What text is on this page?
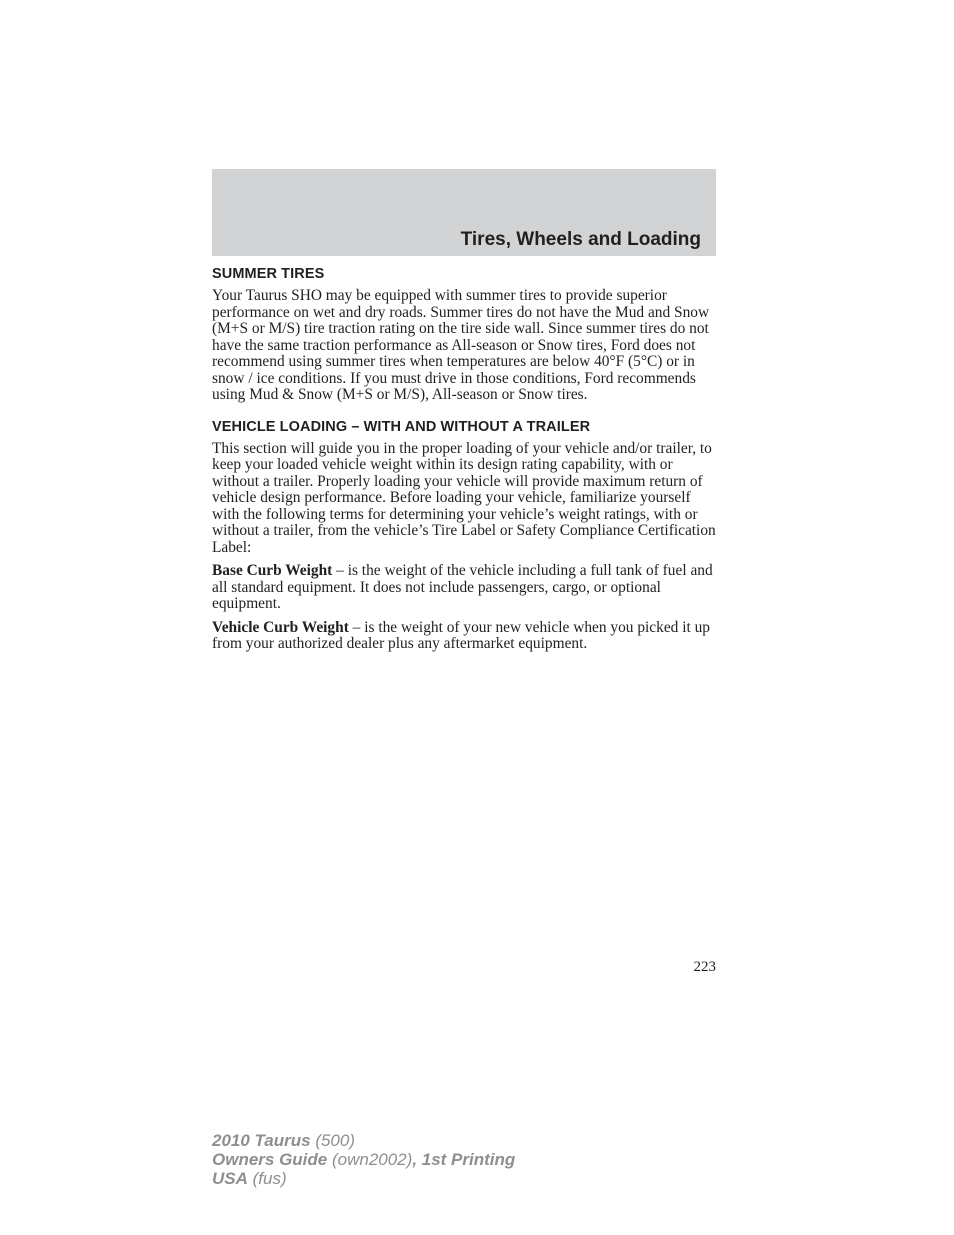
Tires, Wheels and Loading
SUMMER TIRES

Your Taurus SHO may be equipped with summer tires to provide superior performance on wet and dry roads. Summer tires do not have the Mud and Snow (M+S or M/S) tire traction rating on the tire side wall. Since summer tires do not have the same traction performance as All-season or Snow tires, Ford does not recommend using summer tires when temperatures are below 40°F (5°C) or in snow / ice conditions. If you must drive in those conditions, Ford recommends using Mud & Snow (M+S or M/S), All-season or Snow tires.

VEHICLE LOADING – WITH AND WITHOUT A TRAILER

This section will guide you in the proper loading of your vehicle and/or trailer, to keep your loaded vehicle weight within its design rating capability, with or without a trailer. Properly loading your vehicle will provide maximum return of vehicle design performance. Before loading your vehicle, familiarize yourself with the following terms for determining your vehicle’s weight ratings, with or without a trailer, from the vehicle’s Tire Label or Safety Compliance Certification Label:

Base Curb Weight – is the weight of the vehicle including a full tank of fuel and all standard equipment. It does not include passengers, cargo, or optional equipment.

Vehicle Curb Weight – is the weight of your new vehicle when you picked it up from your authorized dealer plus any aftermarket equipment.

223
2010 Taurus (500)
Owners Guide (own2002), 1st Printing
USA (fus)
